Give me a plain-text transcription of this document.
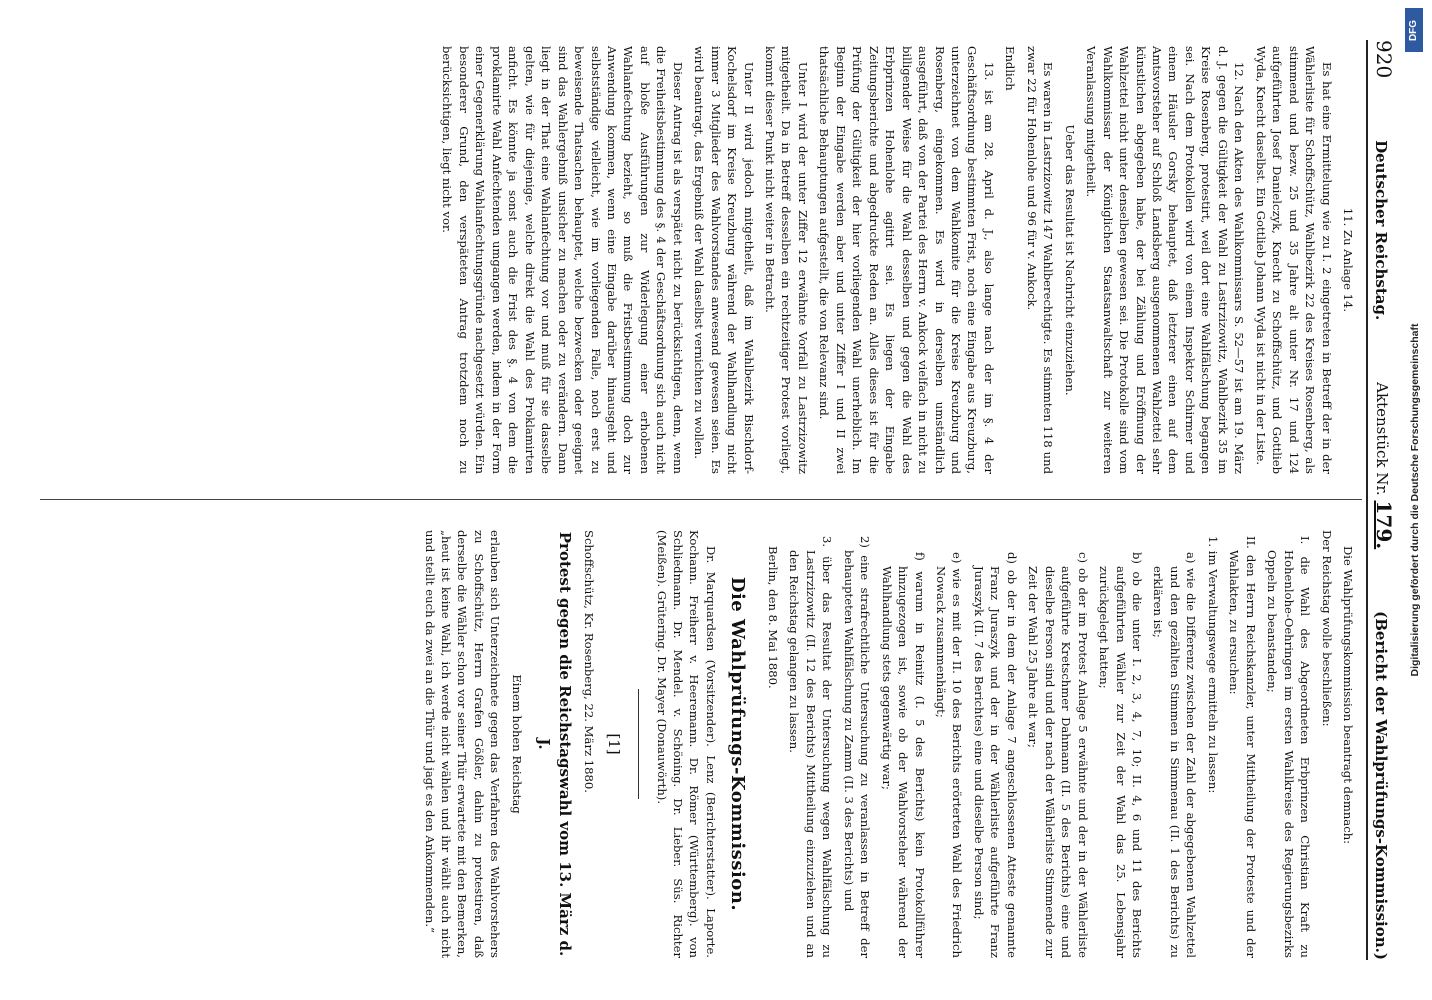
920
Deutscher Reichstag.
Aktenstück Nr. 179.
(Bericht der Wahlprüfungs-Kommission.)

11. Zu Anlage 14.

Es hat eine Ermittelung wie zu I. 2 eingetreten in Betreff der in der Wählerliste für Schoffschütz, Wahlbezirk 22 des Kreises Rosenberg, als stimmend und bezw. 25 und 35 Jahre alt unter Nr. 17 und 124 aufgeführten Josef Danielczyk, Knecht zu Schoffschütz, und Gottlieb Wyda, Knecht daselbst. Ein Gottlieb Johann Wyda ist nicht in der Liste.

12. Nach den Akten des Wahlkommissars S. 52—57 ist am 19. März d. J. gegen die Gültigkeit der Wahl zu Lastrzizowitz, Wahlbezirk 35 im Kreise Rosenberg, protestirt, weil dort eine Wahlfälschung begangen sei. Nach dem Protokollen wird von einem Inspektor Schirmer und einem Häusler Gorsky behauptet, daß letzterer einen auf dem Amtsvorsteher auf Schloß Landsberg ausgenommenen Wahlzettel sehr künstlichen abgegeben habe, der bei Zählung und Eröffnung der Wahlzettel nicht unter denselben gewesen sei. Die Protokolle sind vom Wahlkommissar der Königlichen Staatsanwaltschaft zur weiteren Veranlassung mitgetheilt.

Ueber das Resultat ist Nachricht einzuziehen.

Es waren in Lastrzizowitz 147 Wahlberechtigte. Es stimmten 118 und zwar 22 für Hohenlohe und 96 für v. Ankock.

Endlich

13. ist am 28. April d. J., also lange nach der im §. 4 der Geschäftsordnung bestimmten Frist, noch eine Eingabe aus Kreuzburg, unterzeichnet von dem Wahlkomite für die Kreise Kreuzburg und Rosenberg, eingekommen. Es wird in derselben umständlich ausgeführt, daß von der Partei des Herrn v. Ankock vielfach in nicht zu billigender Weise für die Wahl desselben und gegen die Wahl des Erbprinzen Hohenlohe agitirt sei. Es liegen der Eingabe Zeitungsberichte und abgedruckte Reden an. Alles dieses ist für die Prüfung der Gültigkeit der hier vorliegenden Wahl unerheblich. Im Beginn der Eingabe werden aber und unter Ziffer I und II zwei thatsächliche Behauptungen aufgestellt, die von Relevanz sind.

Unter I wird der unter Ziffer 12 erwähnte Vorfall zu Lastrzizowitz mitgetheilt. Da in Betreff desselben ein rechtzeitiger Protest vorliegt, kommt dieser Punkt nicht weiter in Betracht.

Unter II wird jedoch mitgetheilt, daß im Wahlbezirk Bischdorf-Kochelsdorf im Kreise Kreuzburg während der Wahlhandlung nicht immer 3 Mitglieder des Wahlvorstandes anwesend gewesen seien. Es wird beantragt, das Ergebniß der Wahl daselbst vernichten zu wollen.

Dieser Antrag ist als verspätet nicht zu berücksichtigen, denn, wenn die Freiheitsbestimmung des §. 4 der Geschäftsordnung sich auch nicht auf bloße Ausführungen zur Widerlegung einer erhobenen Wahlanfechtung bezieht, so muß die Fristbestimmung doch zur Anwendung kommen, wenn eine Eingabe darüber hinausgeht und selbstständige vielleicht, wie im vorliegenden Falle, noch erst zu beweisende Thatsachen behauptet, welche bezwecken oder geeignet sind das Wahlergebniß unsicher zu machen oder zu verändern. Dann liegt in der That eine Wahlanfechtung vor und muß für sie dasselbe gelten, wie für diejenige, welche direkt die Wahl des Proklamirten anficht. Es könnte ja sonst auch die Frist des §. 4 von dem die proklamirte Wahl Anfechtenden umgangen werden, indem in der Form einer Gegenerklärung Wahlanfechtungsgründe nachgesetzt würden. Ein besonderer Grund, den verspäteten Antrag trotzdem noch zu berücksichtigen, liegt nicht vor.

Die Wahlprüfungskommission beantragt demnach:

Der Reichstag wolle beschließen:

I. die Wahl des Abgeordneten Erbprinzen Christian Kraft zu Hohenlohe-Oehringen im ersten Wahlkreise des Regierungsbezirks Oppeln zu beanstanden;

II. den Herrn Reichskanzler, unter Mittheilung der Proteste und der Wahlakten, zu ersuchen:

1. im Verwaltungswege ermitteln zu lassen:

a) wie die Differenz zwischen der Zahl der abgegebenen Wahlzettel und den gezählten Stimmen in Simmenau (II. 1 des Berichts) zu erklären ist;

b) ob die unter I. 2, 3, 4, 7, 10; II. 4, 6 und 11 des Berichts aufgeführten Wähler zur Zeit der Wahl das 25. Lebensjahr zurückgelegt hatten;

c) ob der im Protest Anlage 5 erwähnte und der in der Wählerliste aufgeführte Kretschmer Dahmann (II. 5 des Berichts) eine und dieselbe Person sind und der nach der Wählerliste Stimmende zur Zeit der Wahl 25 Jahre alt war;

d) ob der in dem der Anlage 7 angeschlossenen Atteste genannte Franz Juraszyk und der in der Wählerliste aufgeführte Franz Juraszyk (II. 7 des Berichtes) eine und dieselbe Person sind;

e) wie es mit der II. 10 des Berichts erörterten Wahl des Friedrich Nowack zusammenhängt;

f) warum in Reinitz (I. 5 des Berichts) kein Protokollführer hinzugezogen ist, sowie ob der Wahlvorsteher während der Wahlhandlung stets gegenwärtig war;

2) eine strafrechtliche Untersuchung zu veranlassen in Betreff der behaupteten Wahlfälschung zu Zamm (II. 3 des Berichts) und

3. über das Resultat der Untersuchung wegen Wahlfälschung zu Lastrzizowitz (II. 12 des Berichts) Mittheilung einzuziehen und an den Reichstag gelangen zu lassen.

Berlin, den 8. Mai 1880.

Die Wahlprüfungs-Kommission.

Dr. Marquardsen (Vorsitzender). Lenz (Berichterstatter). Laporte. Kochann. Freiherr v. Heeremann. Dr. Römer (Württemberg). von Schliedmann. Dr. Mendel. v. Schöning. Dr. Lieber. Süs. Richter (Meißen). Grütering. Dr. Mayer (Donauwörth).

[1]

Schoffschütz, Kr. Rosenberg, 22. März 1880.

Protest gegen die Reichstagswahl vom 13. März d. J.

Einem hohen Reichstag

erlauben sich Unterzeichnete gegen das Verfahren des Wahlvorstehers zu Schoffschütz, Herrn Grafen Gößler, dahin zu protestiren, daß derselbe die Wähler schon vor seiner Thür erwartete mit den Bemerken, „heut ist keine Wahl, ich werde nicht wählen und ihr wählt auch nicht und stellt euch da zwei an die Thür und jagt es den Ankommenden.“

DFG
Digitalisierung gefördert durch die Deutsche Forschungsgemeinschaft
